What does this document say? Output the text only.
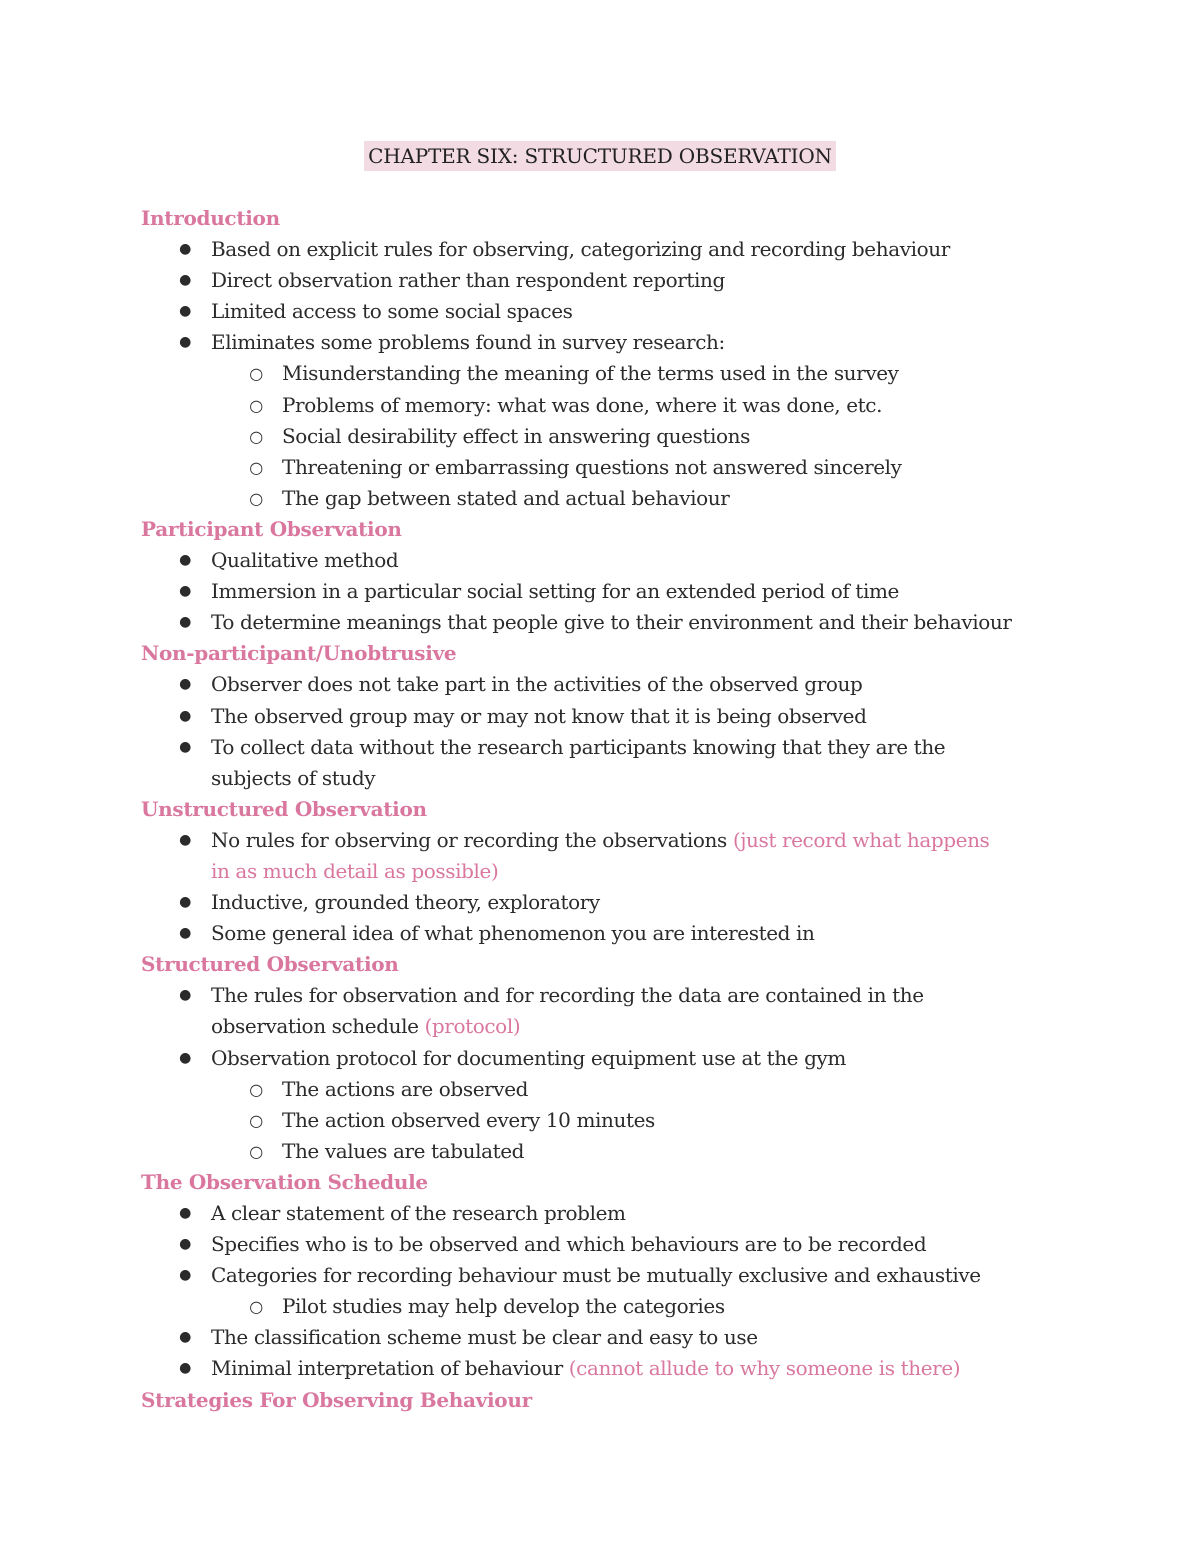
CHAPTER SIX: STRUCTURED OBSERVATION
Introduction
● Based on explicit rules for observing, categorizing and recording behaviour
● Direct observation rather than respondent reporting
● Limited access to some social spaces
● Eliminates some problems found in survey research:
○ Misunderstanding the meaning of the terms used in the survey
○ Problems of memory: what was done, where it was done, etc.
○ Social desirability effect in answering questions
○ Threatening or embarrassing questions not answered sincerely
○ The gap between stated and actual behaviour
Participant Observation
● Qualitative method
● Immersion in a particular social setting for an extended period of time
● To determine meanings that people give to their environment and their behaviour
Non-participant/Unobtrusive
● Observer does not take part in the activities of the observed group
● The observed group may or may not know that it is being observed
● To collect data without the research participants knowing that they are the subjects of study
Unstructured Observation
● No rules for observing or recording the observations (just record what happens in as much detail as possible)
● Inductive, grounded theory, exploratory
● Some general idea of what phenomenon you are interested in
Structured Observation
● The rules for observation and for recording the data are contained in the observation schedule (protocol)
● Observation protocol for documenting equipment use at the gym
○ The actions are observed
○ The action observed every 10 minutes
○ The values are tabulated
The Observation Schedule
● A clear statement of the research problem
● Specifies who is to be observed and which behaviours are to be recorded
● Categories for recording behaviour must be mutually exclusive and exhaustive
○ Pilot studies may help develop the categories
● The classification scheme must be clear and easy to use
● Minimal interpretation of behaviour (cannot allude to why someone is there)
Strategies For Observing Behaviour
